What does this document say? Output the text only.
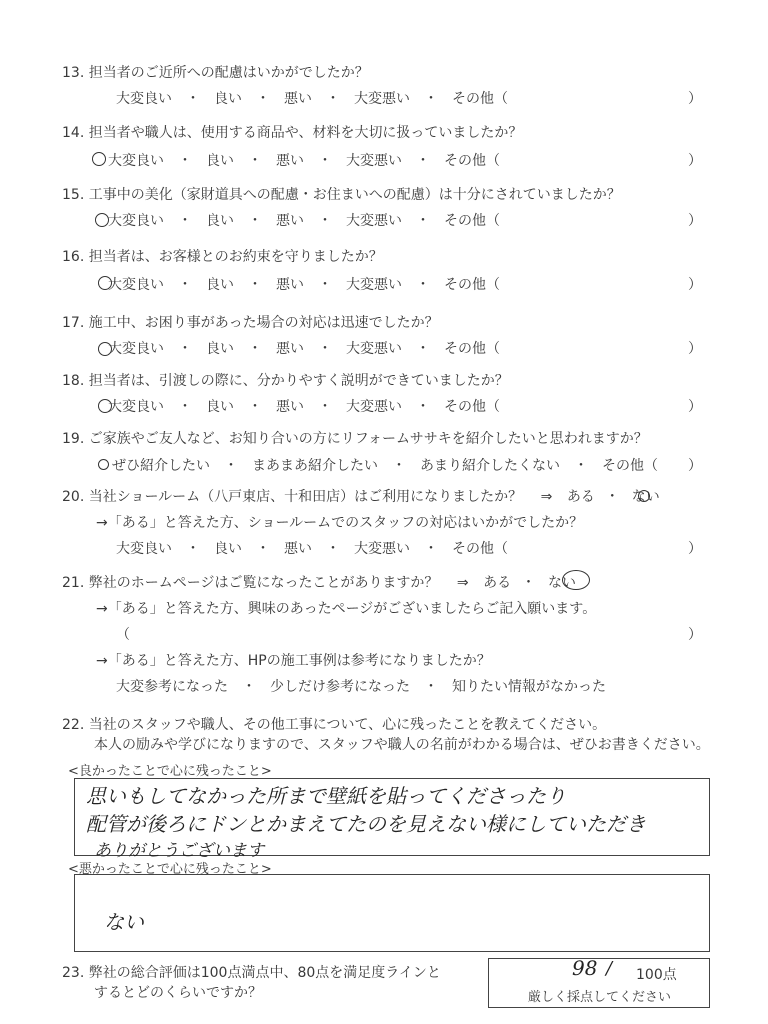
13. 担当者のご近所への配慮はいかがでしたか？
大変良い ・ 良い ・ 悪い ・ 大変悪い ・ その他（	）
14. 担当者や職人は、使用する商品や、材料を大切に扱っていましたか？
大変良い ・ 良い ・ 悪い ・ 大変悪い ・ その他（	）
15. 工事中の美化（家財道具への配慮・お住まいへの配慮）は十分にされていましたか？
大変良い ・ 良い ・ 悪い ・ 大変悪い ・ その他（	）
16. 担当者は、お客様とのお約束を守りましたか？
大変良い ・ 良い ・ 悪い ・ 大変悪い ・ その他（	）
17. 施工中、お困り事があった場合の対応は迅速でしたか？
大変良い ・ 良い ・ 悪い ・ 大変悪い ・ その他（	）
18. 担当者は、引渡しの際に、分かりやすく説明ができていましたか？
大変良い ・ 良い ・ 悪い ・ 大変悪い ・ その他（	）
19. ご家族やご友人など、お知り合いの方にリフォームササキを紹介したいと思われますか？
ぜひ紹介したい ・ まあまあ紹介したい ・ あまり紹介したくない ・ その他（ ）
20. 当社ショールーム（八戸東店、十和田店）はご利用になりましたか？ ⇒ ある ・ ない
→「ある」と答えた方、ショールームでのスタッフの対応はいかがでしたか？
大変良い ・ 良い ・ 悪い ・ 大変悪い ・ その他（	）
21. 弊社のホームページはご覧になったことがありますか？ ⇒ ある ・ ない
→「ある」と答えた方、興味のあったページがございましたらご記入願います。
（	）
→「ある」と答えた方、HPの施工事例は参考になりましたか？
大変参考になった ・ 少しだけ参考になった ・ 知りたい情報がなかった
22. 当社のスタッフや職人、その他工事について、心に残ったことを教えてください。
本人の励みや学びになりますので、スタッフや職人の名前がわかる場合は、ぜひお書きください。
<良かったことで心に残ったこと>
思いもしてなかった所まで壁紙を貼ってくださったり
配管が後ろにドンとかまえてたのを見えない様にしていただき
ありがとうございます
<悪かったことで心に残ったこと>
ない
23. 弊社の総合評価は100点満点中、80点を満足度ラインと
するとどのくらいですか？
98 / 100点
厳しく採点してください
